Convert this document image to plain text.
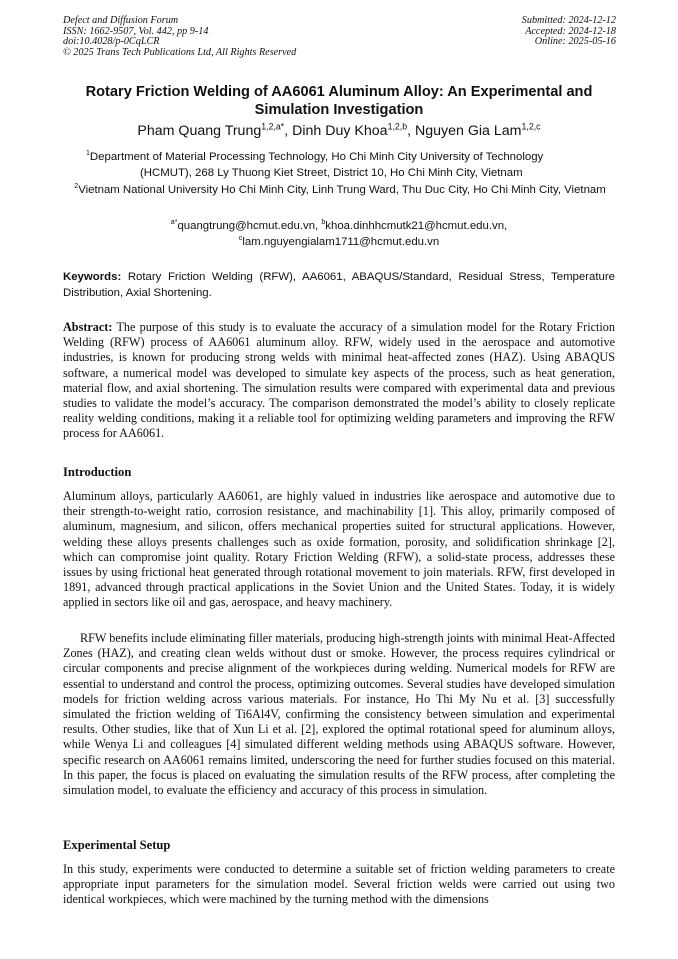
Defect and Diffusion Forum
ISSN: 1662-9507, Vol. 442, pp 9-14
doi:10.4028/p-0CqLCR
© 2025 Trans Tech Publications Ltd, All Rights Reserved
Submitted: 2024-12-12
Accepted: 2024-12-18
Online: 2025-05-16
Rotary Friction Welding of AA6061 Aluminum Alloy: An Experimental and Simulation Investigation
Pham Quang Trung$^{1,2,a*}$, Dinh Duy Khoa$^{1,2,b}$, Nguyen Gia Lam$^{1,2,c}$
$^1$Department of Material Processing Technology, Ho Chi Minh City University of Technology
(HCMUT), 268 Ly Thuong Kiet Street, District 10, Ho Chi Minh City, Vietnam
$^2$Vietnam National University Ho Chi Minh City, Linh Trung Ward, Thu Duc City, Ho Chi Minh City, Vietnam
$^{a*}$quangtrung@hcmut.edu.vn, $^b$khoa.dinhhcmutk21@hcmut.edu.vn,
$^c$lam.nguyengialam1711@hcmut.edu.vn
Keywords: Rotary Friction Welding (RFW), AA6061, ABAQUS/Standard, Residual Stress, Temperature Distribution, Axial Shortening.
Abstract: The purpose of this study is to evaluate the accuracy of a simulation model for the Rotary Friction Welding (RFW) process of AA6061 aluminum alloy. RFW, widely used in the aerospace and automotive industries, is known for producing strong welds with minimal heat-affected zones (HAZ). Using ABAQUS software, a numerical model was developed to simulate key aspects of the process, such as heat generation, material flow, and axial shortening. The simulation results were compared with experimental data and previous studies to validate the model’s accuracy. The comparison demonstrated the model’s ability to closely replicate reality welding conditions, making it a reliable tool for optimizing welding parameters and improving the RFW process for AA6061.
Introduction
Aluminum alloys, particularly AA6061, are highly valued in industries like aerospace and automotive due to their strength-to-weight ratio, corrosion resistance, and machinability [1]. This alloy, primarily composed of aluminum, magnesium, and silicon, offers mechanical properties suited for structural applications. However, welding these alloys presents challenges such as oxide formation, porosity, and solidification shrinkage [2], which can compromise joint quality. Rotary Friction Welding (RFW), a solid-state process, addresses these issues by using frictional heat generated through rotational movement to join materials. RFW, first developed in 1891, advanced through practical applications in the Soviet Union and the United States. Today, it is widely applied in sectors like oil and gas, aerospace, and heavy machinery.
RFW benefits include eliminating filler materials, producing high-strength joints with minimal Heat-Affected Zones (HAZ), and creating clean welds without dust or smoke. However, the process requires cylindrical or circular components and precise alignment of the workpieces during welding. Numerical models for RFW are essential to understand and control the process, optimizing outcomes. Several studies have developed simulation models for friction welding across various materials. For instance, Ho Thi My Nu et al. [3] successfully simulated the friction welding of Ti6Al4V, confirming the consistency between simulation and experimental results. Other studies, like that of Xun Li et al. [2], explored the optimal rotational speed for aluminum alloys, while Wenya Li and colleagues [4] simulated different welding methods using ABAQUS software. However, specific research on AA6061 remains limited, underscoring the need for further studies focused on this material. In this paper, the focus is placed on evaluating the simulation results of the RFW process, after completing the simulation model, to evaluate the efficiency and accuracy of this process in simulation.
Experimental Setup
In this study, experiments were conducted to determine a suitable set of friction welding parameters to create appropriate input parameters for the simulation model. Several friction welds were carried out using two identical workpieces, which were machined by the turning method with the dimensions
